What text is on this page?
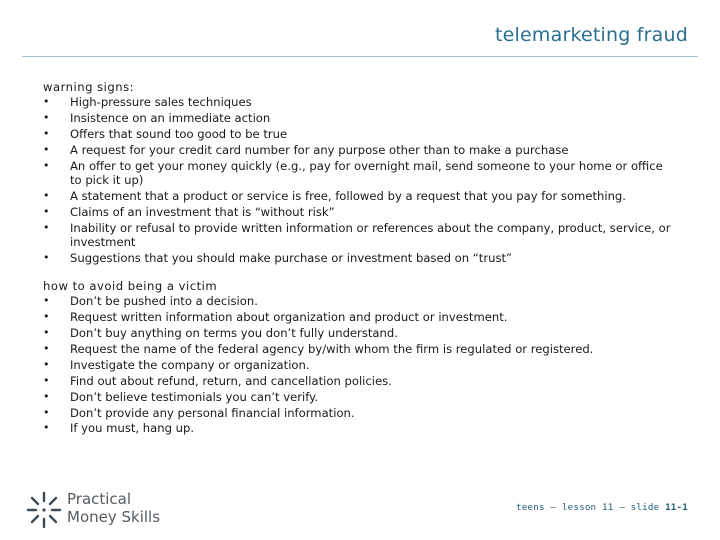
telemarketing fraud
warning signs:
•	High-pressure sales techniques
•	Insistence on an immediate action
•	Offers that sound too good to be true
•	A request for your credit card number for any purpose other than to make a purchase
•	An offer to get your money quickly (e.g., pay for overnight mail, send someone to your home or office to pick it up)
•	A statement that a product or service is free, followed by a request that you pay for something.
•	Claims of an investment that is “without risk”
•	Inability or refusal to provide written information or references about the company, product, service, or investment
•	Suggestions that you should make purchase or investment based on “trust”
how to avoid being a victim
•	Don’t be pushed into a decision.
•	Request written information about organization and product or investment.
•	Don’t buy anything on terms you don’t fully understand.
•	Request the name of the federal agency by/with whom the firm is regulated or registered.
•	Investigate the company or organization.
•	Find out about refund, return, and cancellation policies.
•	Don’t believe testimonials you can’t verify.
•	Don’t provide any personal financial information.
•	If you must, hang up.
Practical
Money Skills
teens – lesson 11 – slide 11-1
